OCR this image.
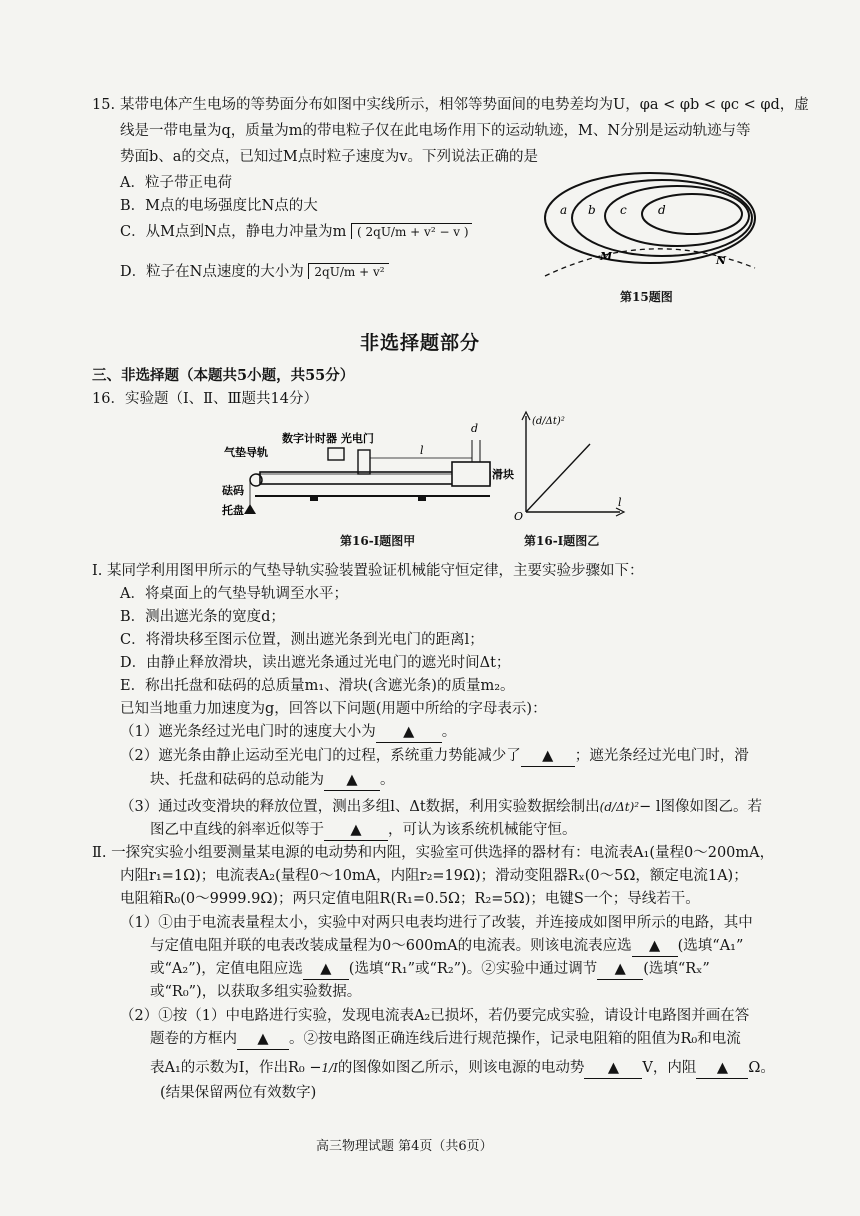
15. 某带电体产生电场的等势面分布如图中实线所示，相邻等势面间的电势差均为U，φa < φb < φc < φd，虚
线是一带电量为q，质量为m的带电粒子仅在此电场作用下的运动轨迹，M、N分别是运动轨迹与等
势面b、a的交点，已知过M点时粒子速度为v。下列说法正确的是
A．粒子带正电荷
B．M点的电场强度比N点的大
C．从M点到N点，静电力冲量为m ( 2qU/m + v² − v )
D．粒子在N点速度的大小为 2qU/m + v²
a b c	d
M	N
第15题图
非选择题部分
三、非选择题（本题共5小题，共55分）
16．实验题（Ⅰ、Ⅱ、Ⅲ题共14分）
数字计时器 光电门
气垫导轨
d
l
滑块
砝码
托盘
第16-Ⅰ题图甲
(d/Δt)²
l
O
第16-Ⅰ题图乙
Ⅰ. 某同学利用图甲所示的气垫导轨实验装置验证机械能守恒定律，主要实验步骤如下：
A．将桌面上的气垫导轨调至水平；
B．测出遮光条的宽度d；
C．将滑块移至图示位置，测出遮光条到光电门的距离l；
D．由静止释放滑块，读出遮光条通过光电门的遮光时间Δt；
E．称出托盘和砝码的总质量m₁、滑块(含遮光条)的质量m₂。
已知当地重力加速度为g，回答以下问题(用题中所给的字母表示)：
（1）遮光条经过光电门时的速度大小为 ▲ 。
（2）遮光条由静止运动至光电门的过程，系统重力势能减少了 ▲ ；遮光条经过光电门时，滑
块、托盘和砝码的总动能为 ▲ 。
（3）通过改变滑块的释放位置，测出多组l、Δt数据，利用实验数据绘制出(d/Δt)²− l图像如图乙。若
图乙中直线的斜率近似等于 ▲ ，可认为该系统机械能守恒。
Ⅱ. 一探究实验小组要测量某电源的电动势和内阻，实验室可供选择的器材有：电流表A₁(量程0～200mA，
内阻r₁=1Ω)；电流表A₂(量程0～10mA，内阻r₂=19Ω)；滑动变阻器Rₓ(0～5Ω，额定电流1A)；
电阻箱R₀(0～9999.9Ω)；两只定值电阻R(R₁=0.5Ω；R₂=5Ω)；电键S一个；导线若干。
（1）①由于电流表量程太小，实验中对两只电表均进行了改装，并连接成如图甲所示的电路，其中
与定值电阻并联的电表改装成量程为0～600mA的电流表。则该电流表应选 ▲ (选填“A₁”
或“A₂”)，定值电阻应选 ▲ (选填“R₁”或“R₂”)。②实验中通过调节 ▲ (选填“Rₓ”
或“R₀”)，以获取多组实验数据。
（2）①按（1）中电路进行实验，发现电流表A₂已损坏，若仍要完成实验，请设计电路图并画在答
题卷的方框内 ▲ 。②按电路图正确连线后进行规范操作，记录电阻箱的阻值为R₀和电流
表A₁的示数为I，作出R₀ −1/I的图像如图乙所示，则该电源的电动势 ▲ V，内阻 ▲ Ω。
(结果保留两位有效数字)
高三物理试题 第4页（共6页）
